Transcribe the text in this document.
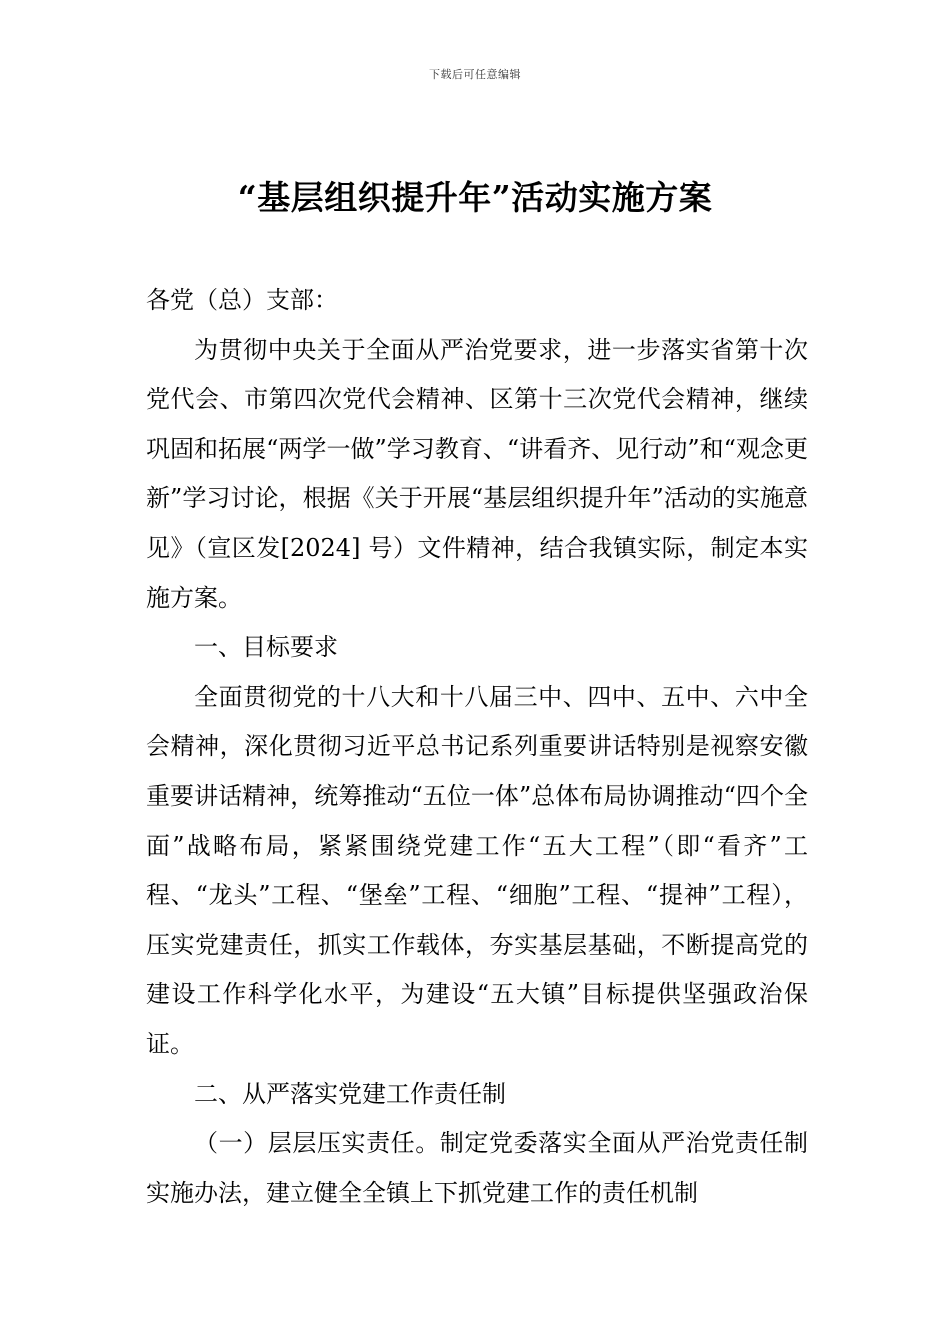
下载后可任意编辑
“基层组织提升年”活动实施方案

各党（总）支部：

为贯彻中央关于全面从严治党要求，进一步落实省第十次党代会、市第四次党代会精神、区第十三次党代会精神，继续巩固和拓展“两学一做”学习教育、“讲看齐、见行动”和“观念更新”学习讨论，根据《关于开展“基层组织提升年”活动的实施意见》（宣区发[2024] 号）文件精神，结合我镇实际，制定本实施方案。

一、目标要求

全面贯彻党的十八大和十八届三中、四中、五中、六中全会精神，深化贯彻习近平总书记系列重要讲话特别是视察安徽重要讲话精神，统筹推动“五位一体”总体布局协调推动“四个全面”战略布局，紧紧围绕党建工作“五大工程”（即“看齐”工程、“龙头”工程、“堡垒”工程、“细胞”工程、“提神”工程），压实党建责任，抓实工作载体，夯实基层基础，不断提高党的建设工作科学化水平，为建设“五大镇”目标提供坚强政治保证。

二、从严落实党建工作责任制

（一）层层压实责任。制定党委落实全面从严治党责任制实施办法，建立健全全镇上下抓党建工作的责任机制
